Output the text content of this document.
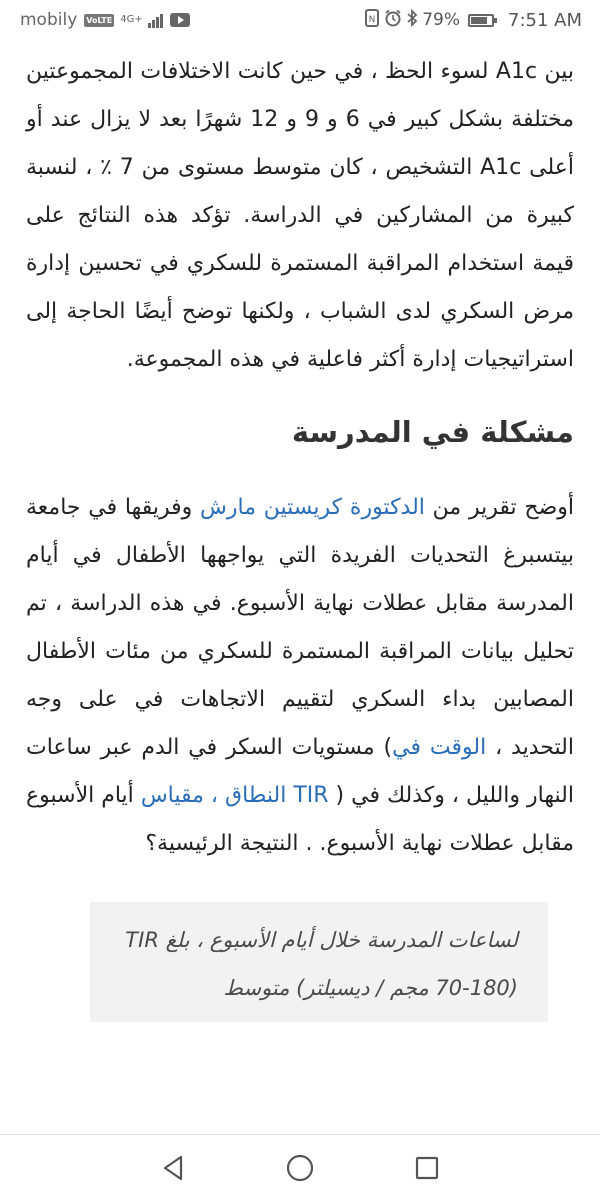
mobily VoLTE 4G+	N	79%	7:51 AM

بين A1c لسوء الحظ ، في حين كانت الاختلافات المجموعتين مختلفة بشكل كبير في 6 و 9 و 12 شهرًا بعد لا يزال عند أو أعلى A1c التشخيص ، كان متوسط مستوى من 7 ٪ ، لنسبة كبيرة من المشاركين في الدراسة. تؤكد هذه النتائج على قيمة استخدام المراقبة المستمرة للسكري في تحسين إدارة مرض السكري لدى الشباب ، ولكنها توضح أيضًا الحاجة إلى استراتيجيات إدارة أكثر فاعلية في هذه المجموعة.

مشكلة في المدرسة

أوضح تقرير من الدكتورة كريستين مارش وفريقها في جامعة بيتسبرغ التحديات الفريدة التي يواجهها الأطفال في أيام المدرسة مقابل عطلات نهاية الأسبوع. في هذه الدراسة ، تم تحليل بيانات المراقبة المستمرة للسكري من مئات الأطفال المصابين بداء السكري لتقييم الاتجاهات في على وجه التحديد ، الوقت في) مستويات السكر في الدم عبر ساعات النهار والليل ، وكذلك في ( TIR النطاق ، مقياس أيام الأسبوع مقابل عطلات نهاية الأسبوع. . النتيجة الرئيسية؟

لساعات المدرسة خلال أيام الأسبوع ، بلغ TIR (70-180 مجم / ديسيلتر) متوسط
